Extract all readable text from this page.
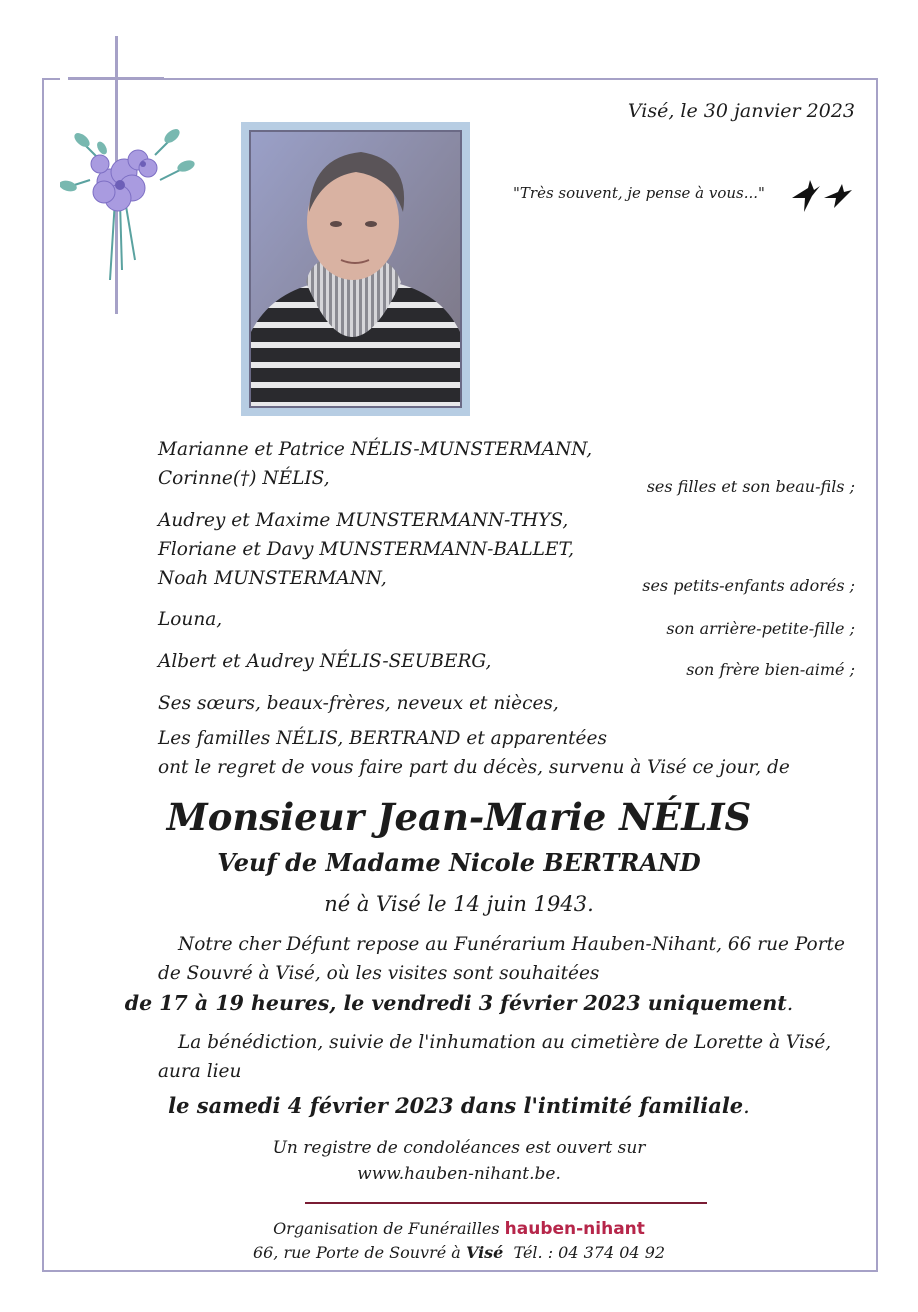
Visé, le 30 janvier 2023
"Très souvent, je pense à vous..."
Marianne et Patrice NÉLIS-MUNSTERMANN,
Corinne(†) NÉLIS,	ses filles et son beau-fils ;
Audrey et Maxime MUNSTERMANN-THYS,
Floriane et Davy MUNSTERMANN-BALLET,
Noah MUNSTERMANN,	ses petits-enfants adorés ;
Louna,	son arrière-petite-fille ;
Albert et Audrey NÉLIS-SEUBERG,	son frère bien-aimé ;
Ses sœurs, beaux-frères, neveux et nièces,
Les familles NÉLIS, BERTRAND et apparentées
ont le regret de vous faire part du décès, survenu à Visé ce jour, de
Monsieur Jean-Marie NÉLIS
Veuf de Madame Nicole BERTRAND
né à Visé le 14 juin 1943.
Notre cher Défunt repose au Funérarium Hauben-Nihant, 66 rue Porte
de Souvré à Visé, où les visites sont souhaitées
de 17 à 19 heures, le vendredi 3 février 2023 uniquement.
La bénédiction, suivie de l'inhumation au cimetière de Lorette à Visé,
aura lieu
le samedi 4 février 2023 dans l'intimité familiale.
Un registre de condoléances est ouvert sur
www.hauben-nihant.be.
Organisation de Funérailles hauben-nihant
66, rue Porte de Souvré à Visé Tél. : 04 374 04 92
